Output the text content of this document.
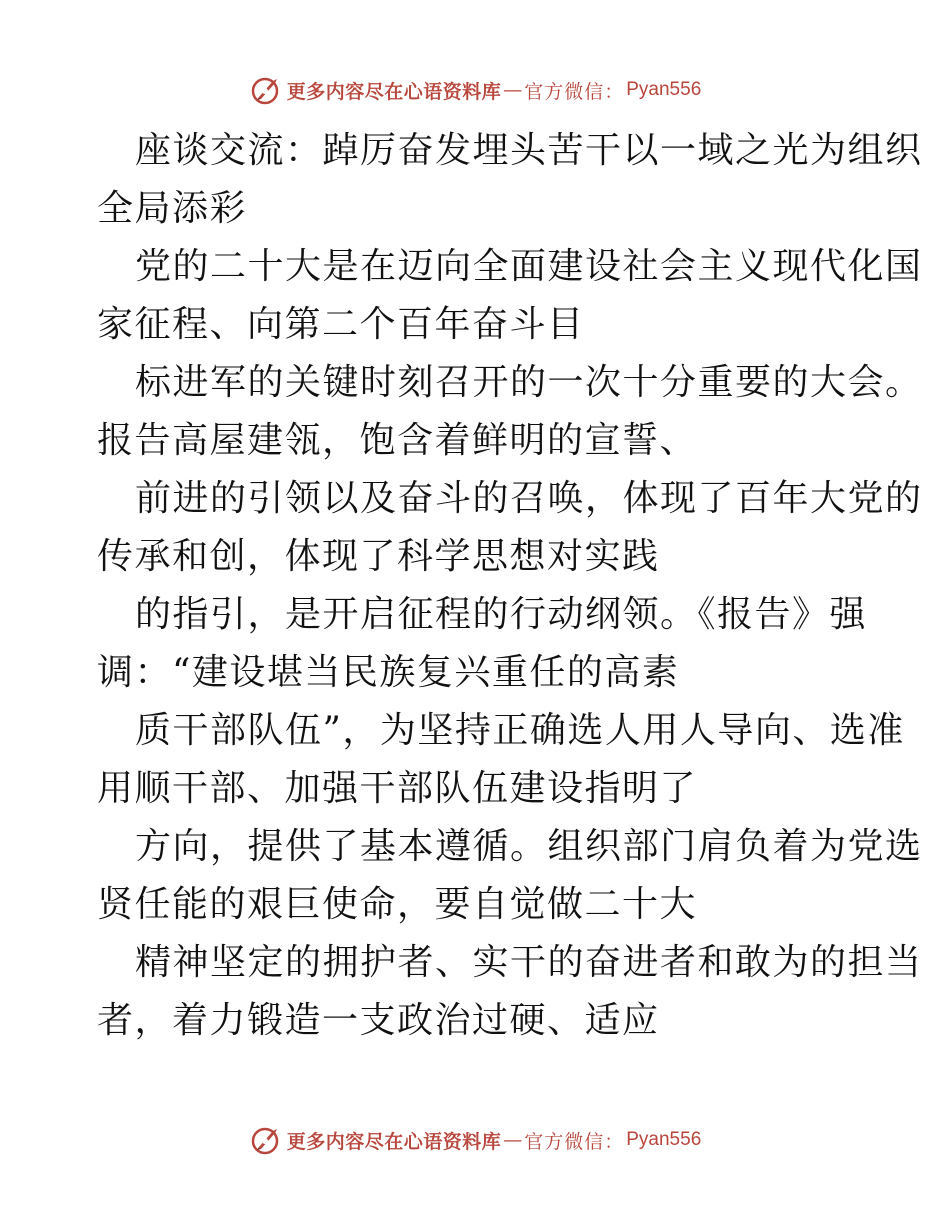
更多内容尽在心语资料库 — 官方微信： Pyan556
座谈交流：踔厉奋发埋头苦干以一域之光为组织
全局添彩
党的二十大是在迈向全面建设社会主义现代化国
家征程、向第二个百年奋斗目
标进军的关键时刻召开的一次十分重要的大会。
报告高屋建瓴，饱含着鲜明的宣誓、
前进的引领以及奋斗的召唤，体现了百年大党的
传承和创，体现了科学思想对实践
的指引，是开启征程的行动纲领。《报告》强
调：“建设堪当民族复兴重任的高素
质干部队伍”，为坚持正确选人用人导向、选准
用顺干部、加强干部队伍建设指明了
方向，提供了基本遵循。组织部门肩负着为党选
贤任能的艰巨使命，要自觉做二十大
精神坚定的拥护者、实干的奋进者和敢为的担当
者，着力锻造一支政治过硬、适应
更多内容尽在心语资料库 — 官方微信： Pyan556
